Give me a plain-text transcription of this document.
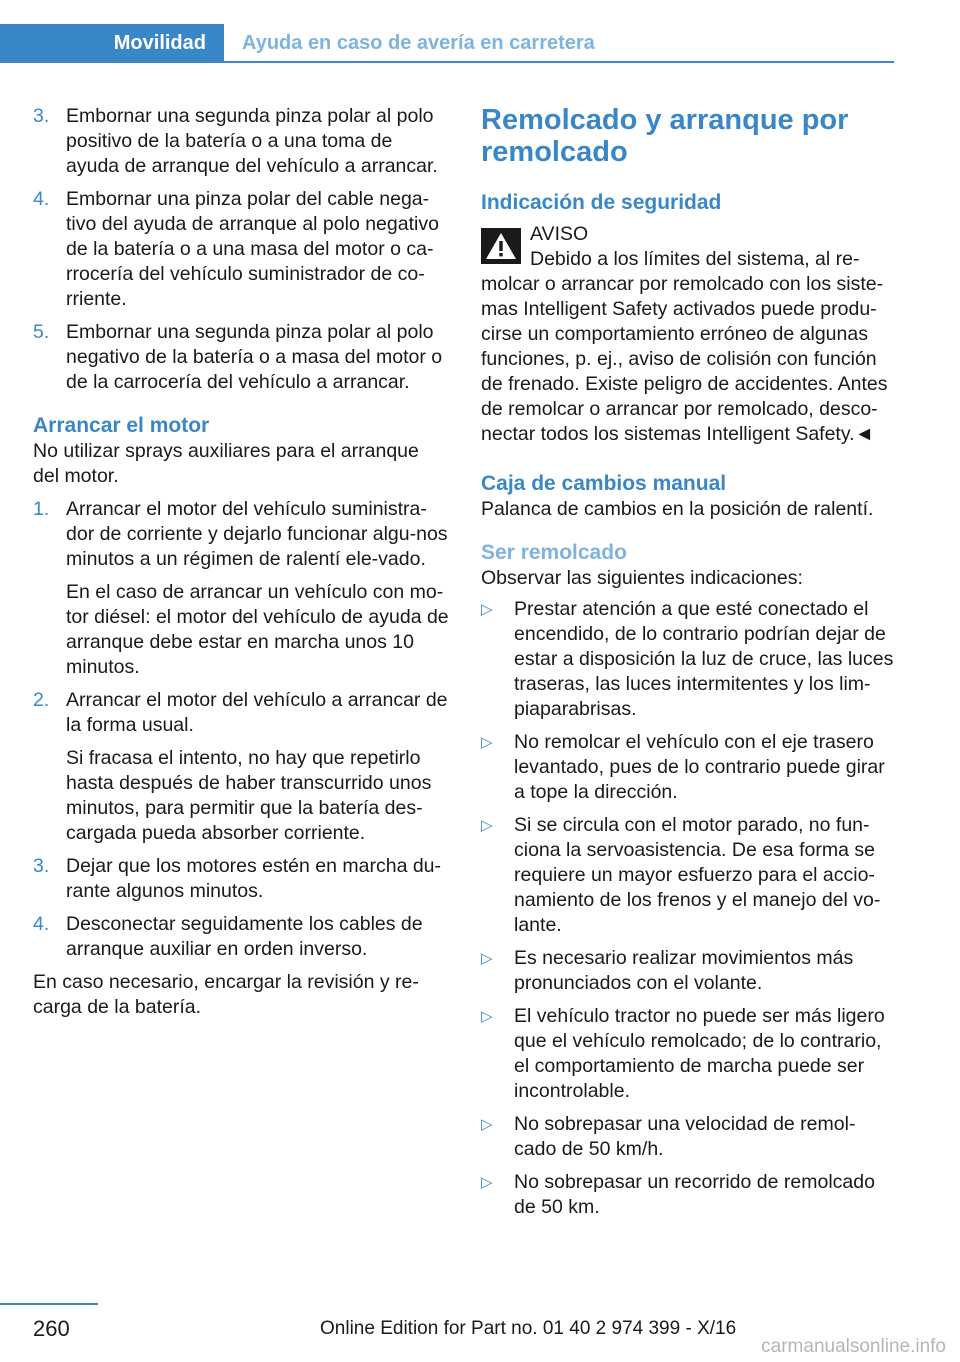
Movilidad	Ayuda en caso de avería en carretera
3. Embornar una segunda pinza polar al polo positivo de la batería o a una toma de ayuda de arranque del vehículo a arrancar.

4. Embornar una pinza polar del cable nega‐tivo del ayuda de arranque al polo negativo de la batería o a una masa del motor o ca‐rrocería del vehículo suministrador de co‐rriente.

5. Embornar una segunda pinza polar al polo negativo de la batería o a masa del motor o de la carrocería del vehículo a arrancar.

Arrancar el motor

No utilizar sprays auxiliares para el arranque del motor.

1. Arrancar el motor del vehículo suministra‐dor de corriente y dejarlo funcionar algu‐nos minutos a un régimen de ralentí ele‐vado.

En el caso de arrancar un vehículo con mo‐tor diésel: el motor del vehículo de ayuda de arranque debe estar en marcha unos 10 minutos.

2. Arrancar el motor del vehículo a arrancar de la forma usual.

Si fracasa el intento, no hay que repetirlo hasta después de haber transcurrido unos minutos, para permitir que la batería des‐cargada pueda absorber corriente.

3. Dejar que los motores estén en marcha du‐rante algunos minutos.

4. Desconectar seguidamente los cables de arranque auxiliar en orden inverso.

En caso necesario, encargar la revisión y re‐carga de la batería.

Remolcado y arranque por remolcado
Indicación de seguridad

AVISO
Debido a los límites del sistema, al re‐
molcar o arrancar por remolcado con los siste‐mas Intelligent Safety activados puede produ‐cirse un comportamiento erróneo de algunas funciones, p. ej., aviso de colisión con función de frenado. Existe peligro de accidentes. Antes de remolcar o arrancar por remolcado, desco‐nectar todos los sistemas Intelligent Safety.◄

Caja de cambios manual

Palanca de cambios en la posición de ralentí.

Ser remolcado

Observar las siguientes indicaciones:

▷ Prestar atención a que esté conectado el encendido, de lo contrario podrían dejar de estar a disposición la luz de cruce, las luces traseras, las luces intermitentes y los lim‐piaparabrisas.
▷ No remolcar el vehículo con el eje trasero levantado, pues de lo contrario puede girar a tope la dirección.
▷ Si se circula con el motor parado, no fun‐ciona la servoasistencia. De esa forma se requiere un mayor esfuerzo para el accio‐namiento de los frenos y el manejo del vo‐lante.
▷ Es necesario realizar movimientos más pronunciados con el volante.
▷ El vehículo tractor no puede ser más ligero que el vehículo remolcado; de lo contrario, el comportamiento de marcha puede ser incontrolable.
▷ No sobrepasar una velocidad de remol‐cado de 50 km/h.
▷ No sobrepasar un recorrido de remolcado de 50 km.
260	Online Edition for Part no. 01 40 2 974 399 - X/16
carmanualsonline.info
